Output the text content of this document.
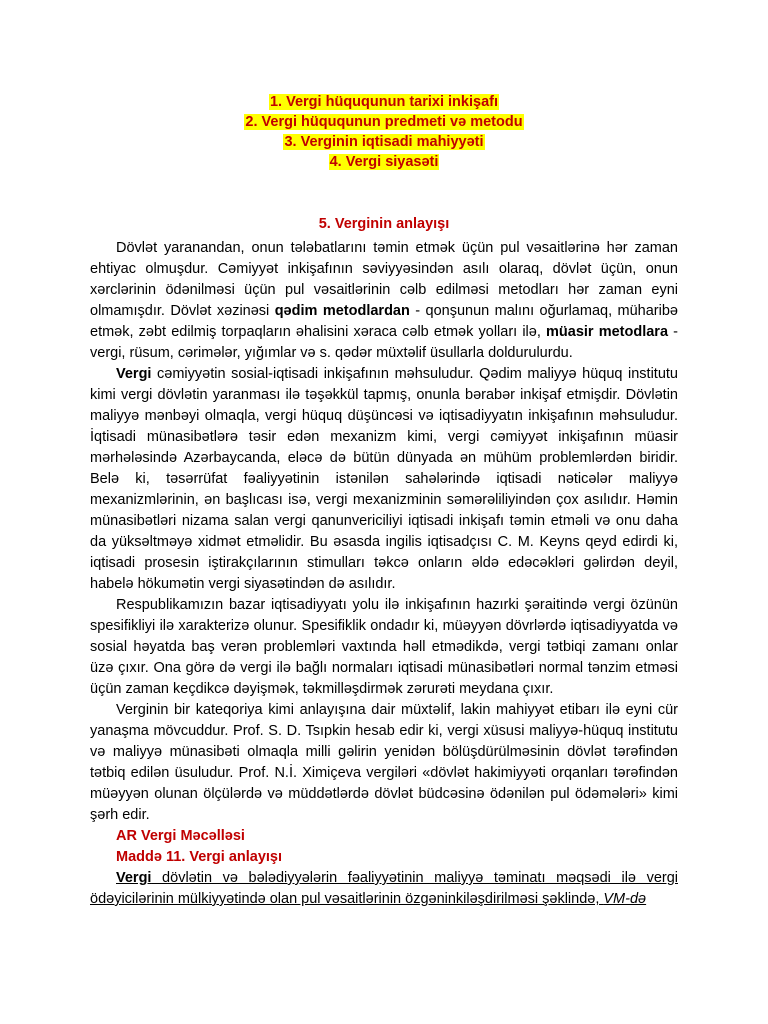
1. Vergi hüququnun tarixi inkişafı
2. Vergi hüququnun predmeti və metodu
3. Verginin iqtisadi mahiyyəti
4. Vergi siyasəti
5. Verginin anlayışı

Dövlət yaranandan, onun tələbatlarını təmin etmək üçün pul vəsaitlərinə hər zaman ehtiyac olmuşdur. Cəmiyyət inkişafının səviyyəsindən asılı olaraq, dövlət üçün, onun xərclərinin ödənilməsi üçün pul vəsaitlərinin cəlb edilməsi metodları hər zaman eyni olmamışdır. Dövlət xəzinəsi qədim metodlardan - qonşunun malını oğurlamaq, müharibə etmək, zəbt edilmiş torpaqların əhalisini xəraca cəlb etmək yolları ilə, müasir metodlara - vergi, rüsum, cərimələr, yığımlar və s. qədər müxtəlif üsullarla doldurulurdu.

Vergi cəmiyyətin sosial-iqtisadi inkişafının məhsuludur. Qədim maliyyə hüquq institutu kimi vergi dövlətin yaranması ilə təşəkkül tapmış, onunla bərabər inkişaf etmişdir. Dövlətin maliyyə mənbəyi olmaqla, vergi hüquq düşüncəsi və iqtisadiyyatın inkişafının məhsuludur. İqtisadi münasibətlərə təsir edən mexanizm kimi, vergi cəmiyyət inkişafının müasir mərhələsində Azərbaycanda, eləcə də bütün dünyada ən mühüm problemlərdən biridir. Belə ki, təsərrüfat fəaliyyətinin istənilən sahələrində iqtisadi nəticələr maliyyə mexanizmlərinin, ən başlıcası isə, vergi mexanizminin səmərəliliyindən çox asılıdır. Həmin münasibətləri nizama salan vergi qanunvericiliyi iqtisadi inkişafı təmin etməli və onu daha da yüksəltməyə xidmət etməlidir. Bu əsasda ingilis iqtisadçısı C. M. Keyns qeyd edirdi ki, iqtisadi prosesin iştirakçılarının stimulları təkcə onların əldə edəcəkləri gəlirdən deyil, habelə hökumətin vergi siyasətindən də asılıdır.

Respublikamızın bazar iqtisadiyyatı yolu ilə inkişafının hazırki şəraitində vergi özünün spesifikliyi ilə xarakterizə olunur. Spesifiklik ondadır ki, müəyyən dövrlərdə iqtisadiyyatda və sosial həyatda baş verən problemləri vaxtında həll etmədikdə, vergi tətbiqi zamanı onlar üzə çıxır. Ona görə də vergi ilə bağlı normaları iqtisadi münasibətləri normal tənzim etməsi üçün zaman keçdikcə dəyişmək, təkmilləşdirmək zərurəti meydana çıxır.

Verginin bir kateqoriya kimi anlayışına dair müxtəlif, lakin mahiyyət etibarı ilə eyni cür yanaşma mövcuddur. Prof. S. D. Tsıpkin hesab edir ki, vergi xüsusi maliyyə-hüquq institutu və maliyyə münasibəti olmaqla milli gəlirin yenidən bölüşdürülməsinin dövlət tərəfindən tətbiq edilən üsuludur. Prof. N.İ. Ximiçeva vergiləri «dövlət hakimiyyəti orqanları tərəfindən müəyyən olunan ölçülərdə və müddətlərdə dövlət büdcəsinə ödənilən pul ödəmələri» kimi şərh edir.

AR Vergi Məcəlləsi
Maddə 11. Vergi anlayışı

Vergi dövlətin və bələdiyyələrin fəaliyyətinin maliyyə təminatı məqsədi ilə vergi ödəyicilərinin mülkiyyətində olan pul vəsaitlərinin özgəninkiləşdirilməsi şəklində, VM-də
